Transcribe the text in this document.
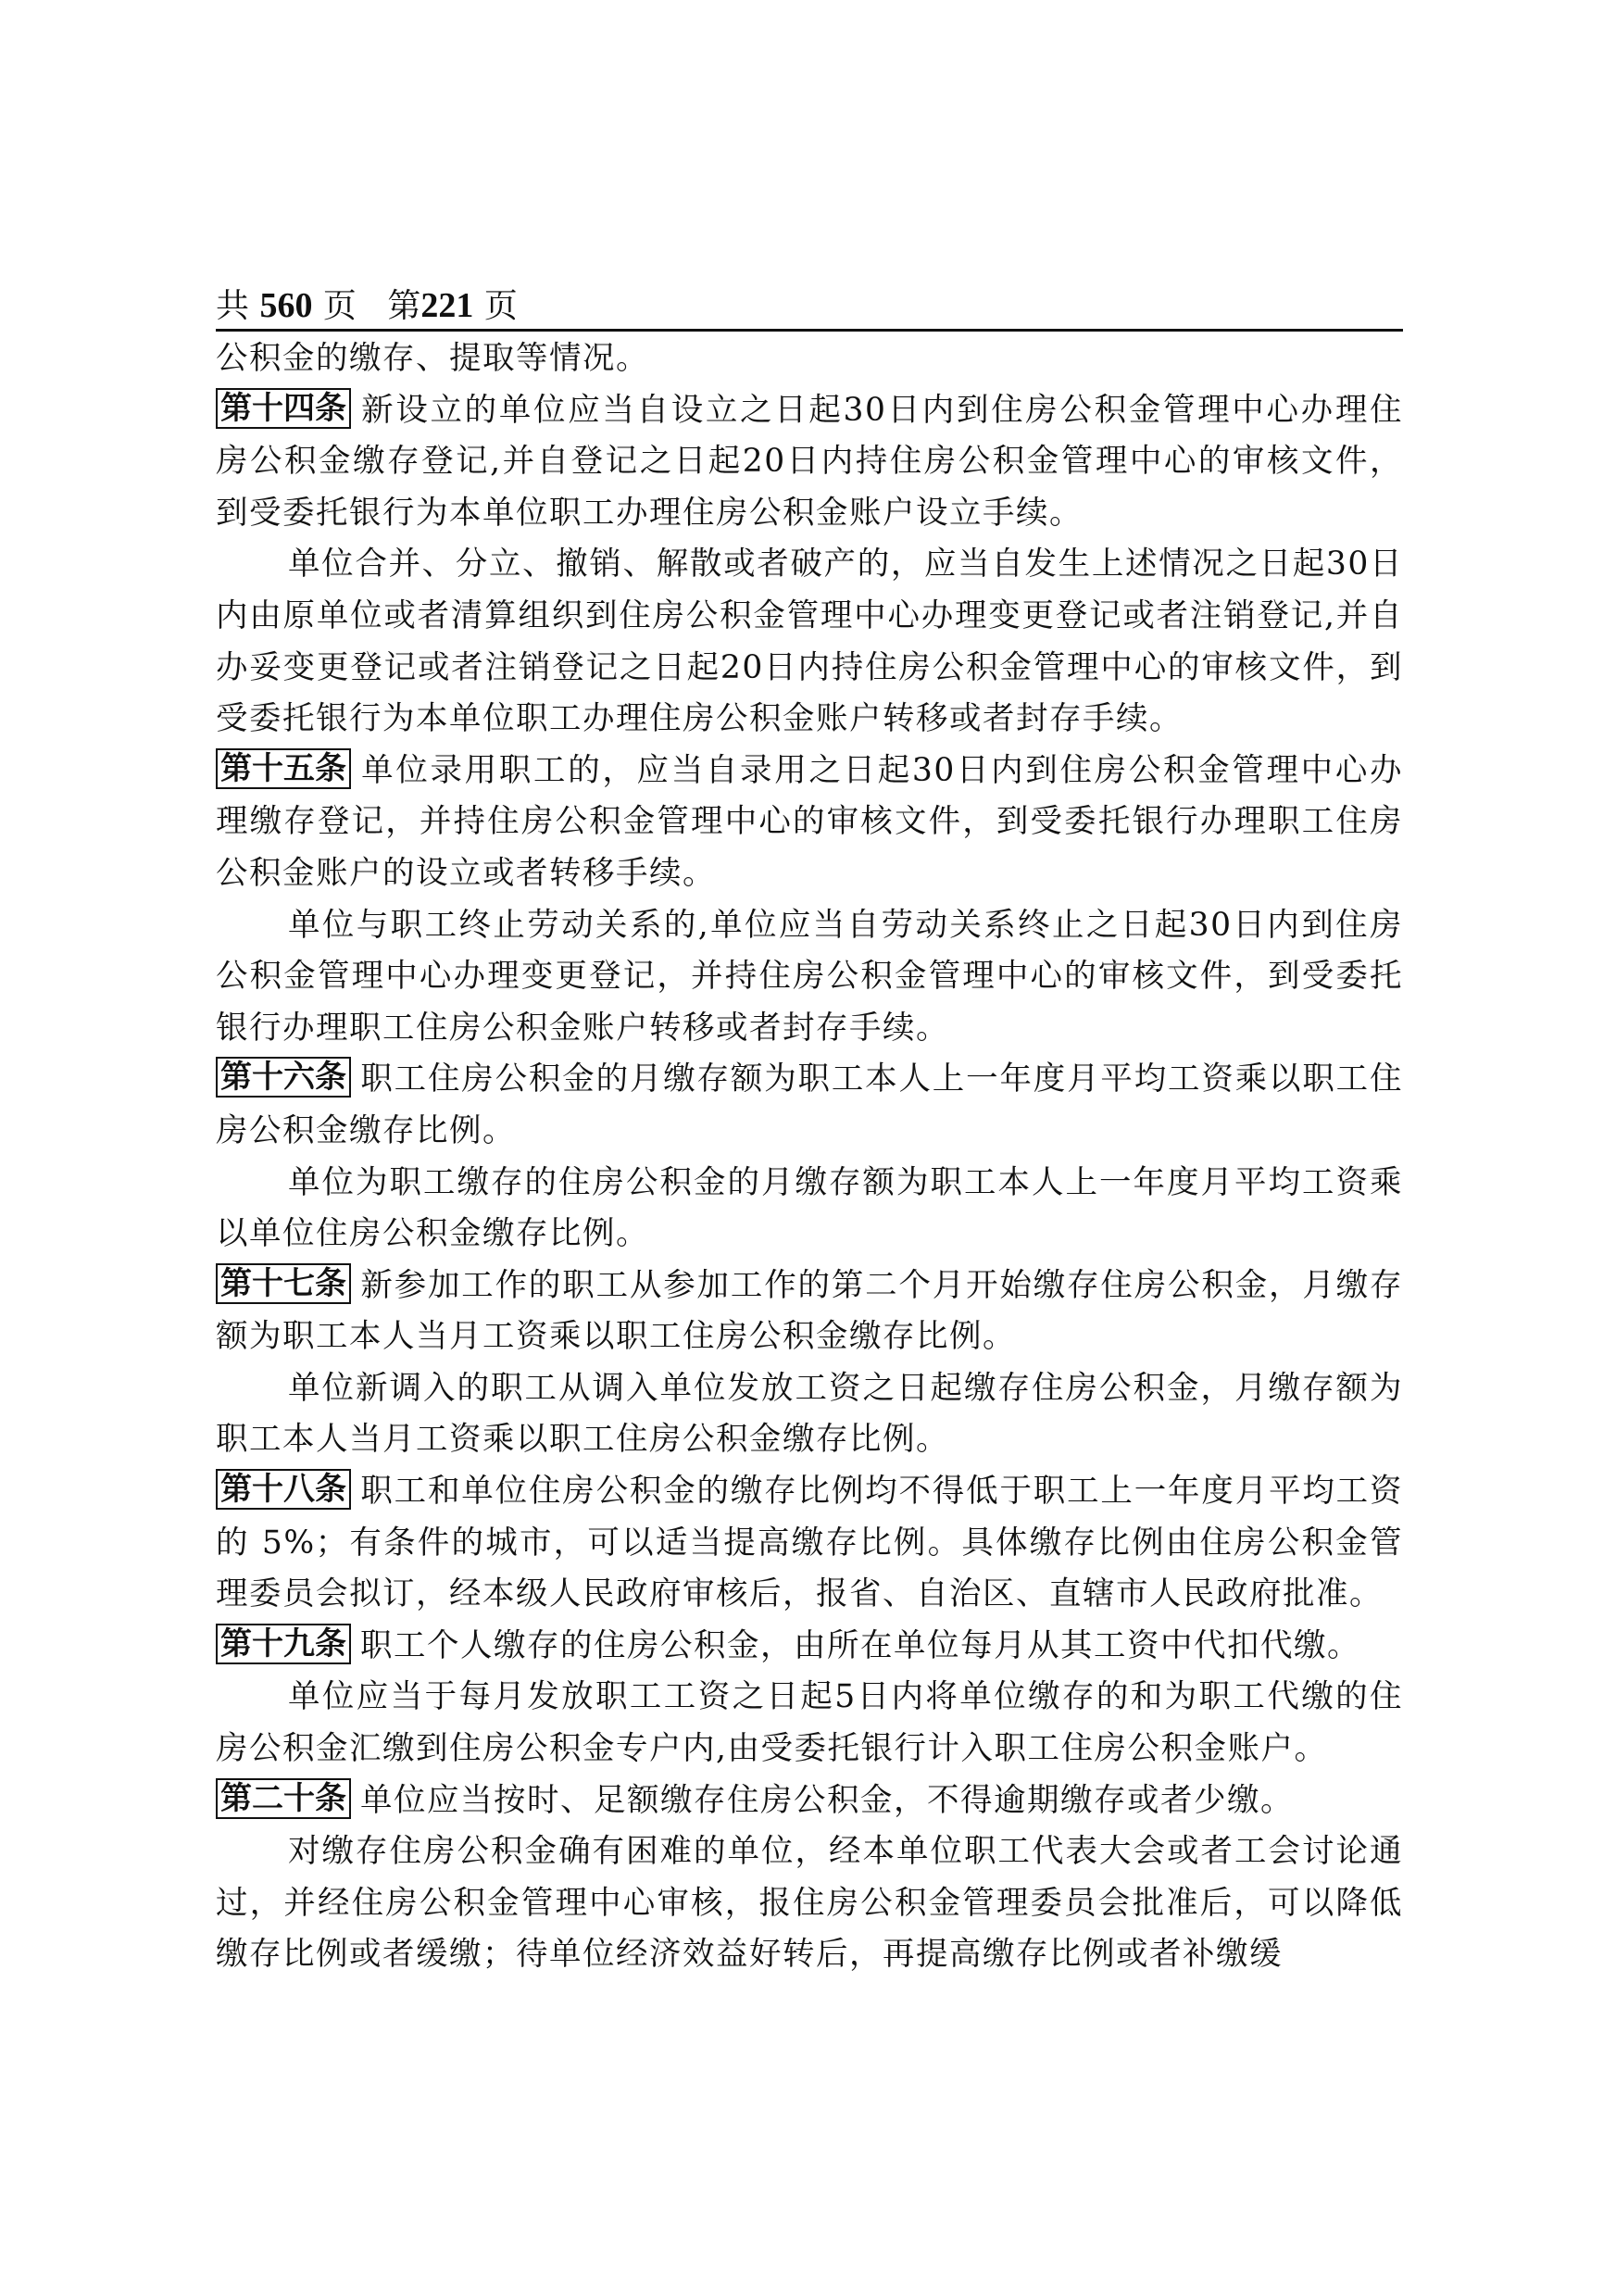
共 560 页 第221 页

公积金的缴存、提取等情况。

第十四条 新设立的单位应当自设立之日起30日内到住房公积金管理中心办理住房公积金缴存登记,并自登记之日起20日内持住房公积金管理中心的审核文件，到受委托银行为本单位职工办理住房公积金账户设立手续。

单位合并、分立、撤销、解散或者破产的，应当自发生上述情况之日起30日内由原单位或者清算组织到住房公积金管理中心办理变更登记或者注销登记,并自办妥变更登记或者注销登记之日起20日内持住房公积金管理中心的审核文件，到受委托银行为本单位职工办理住房公积金账户转移或者封存手续。

第十五条 单位录用职工的，应当自录用之日起30日内到住房公积金管理中心办理缴存登记，并持住房公积金管理中心的审核文件，到受委托银行办理职工住房公积金账户的设立或者转移手续。

单位与职工终止劳动关系的,单位应当自劳动关系终止之日起30日内到住房公积金管理中心办理变更登记，并持住房公积金管理中心的审核文件，到受委托银行办理职工住房公积金账户转移或者封存手续。

第十六条 职工住房公积金的月缴存额为职工本人上一年度月平均工资乘以职工住房公积金缴存比例。

单位为职工缴存的住房公积金的月缴存额为职工本人上一年度月平均工资乘以单位住房公积金缴存比例。

第十七条 新参加工作的职工从参加工作的第二个月开始缴存住房公积金，月缴存额为职工本人当月工资乘以职工住房公积金缴存比例。

单位新调入的职工从调入单位发放工资之日起缴存住房公积金，月缴存额为职工本人当月工资乘以职工住房公积金缴存比例。

第十八条 职工和单位住房公积金的缴存比例均不得低于职工上一年度月平均工资的 5%；有条件的城市，可以适当提高缴存比例。具体缴存比例由住房公积金管理委员会拟订，经本级人民政府审核后，报省、自治区、直辖市人民政府批准。

第十九条 职工个人缴存的住房公积金，由所在单位每月从其工资中代扣代缴。

单位应当于每月发放职工工资之日起5日内将单位缴存的和为职工代缴的住房公积金汇缴到住房公积金专户内,由受委托银行计入职工住房公积金账户。

第二十条 单位应当按时、足额缴存住房公积金，不得逾期缴存或者少缴。

对缴存住房公积金确有困难的单位，经本单位职工代表大会或者工会讨论通过，并经住房公积金管理中心审核，报住房公积金管理委员会批准后，可以降低缴存比例或者缓缴；待单位经济效益好转后，再提高缴存比例或者补缴缓
